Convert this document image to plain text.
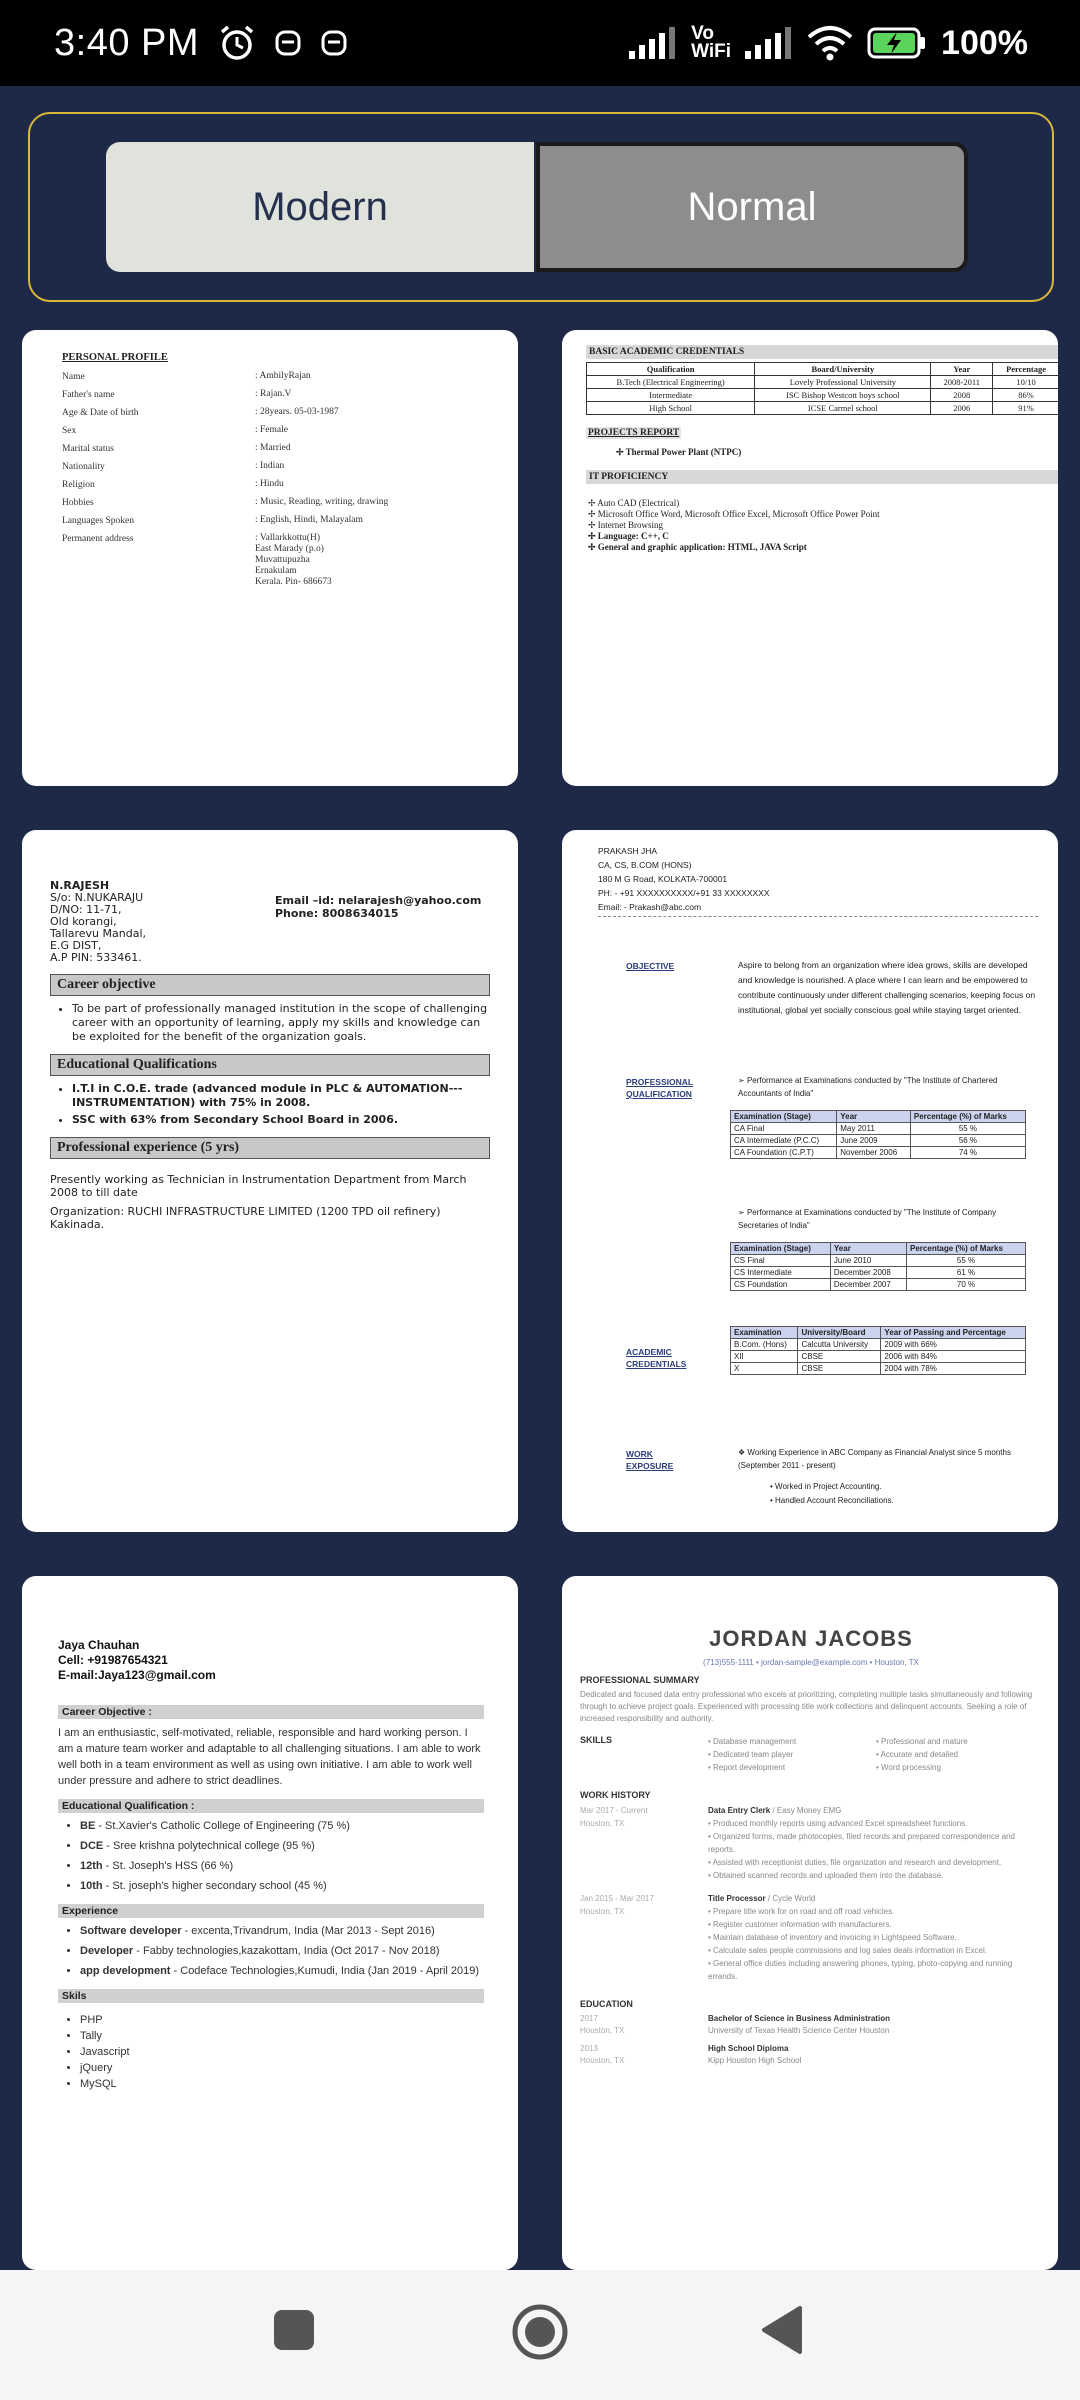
3:40 PM	Vo
WiFi	100%
Modern	Normal
PERSONAL PROFILE
Name	: AmbilyRajan
Father's name	: Rajan.V
Age & Date of birth	: 28years. 05-03-1987
Sex	: Female
Marital status	: Married
Nationality	: Indian
Religion	: Hindu
Hobbies	: Music, Reading, writing, drawing
Languages Spoken	: English, Hindi, Malayalam
Permanent address	: Vallarkkottu(H)
East Marady (p.o)
Muvattupuzha
Ernakulam
Kerala. Pin- 686673
BASIC ACADEMIC CREDENTIALS
Qualification	Board/University	Year	Percentage
B.Tech (Electrical Engineering)	Lovely Professional University	2008-2011	10/10
Intermediate	ISC Bishop Westcott boys school	2008	86%
High School	ICSE Carmel school	2006	91%
PROJECTS REPORT
✢ Thermal Power Plant (NTPC)
IT PROFICIENCY
✢ Auto CAD (Electrical)
✢ Microsoft Office Word, Microsoft Office Excel, Microsoft Office Power Point
✢ Internet Browsing
✢ Language: C++, C
✢ General and graphic application: HTML, JAVA Script
N.RAJESH
S/o: N.NUKARAJU
D/NO: 11-71,
Old korangi,
Tallarevu Mandal,
E.G DIST,
A.P PIN: 533461.
Email –id: nelarajesh@yahoo.com
Phone: 8008634015
Career objective
• To be part of professionally managed institution in the scope of challenging career with an opportunity of learning, apply my skills and knowledge can be exploited for the benefit of the organization goals.
Educational Qualifications
• I.T.I in C.O.E. trade (advanced module in PLC & AUTOMATION---INSTRUMENTATION) with 75% in 2008.
• SSC with 63% from Secondary School Board in 2006.
Professional experience (5 yrs)
Presently working as Technician in Instrumentation Department from March 2008 to till date
Organization: RUCHI INFRASTRUCTURE LIMITED (1200 TPD oil refinery) Kakinada.
PRAKASH JHA
CA, CS, B.COM (HONS)
180 M G Road, KOLKATA-700001
PH: - +91 XXXXXXXXXX/+91 33 XXXXXXXX
Email: - Prakash@abc.com
OBJECTIVE	Aspire to belong from an organization where idea grows, skills are developed and knowledge is nourished. A place where I can learn and be empowered to contribute continuously under different challenging scenarios, keeping focus on institutional, global yet socially conscious goal while staying target oriented.
PROFESSIONAL
QUALIFICATION
➢ Performance at Examinations conducted by "The Institute of Chartered Accountants of India"
Examination (Stage)	Year	Percentage (%) of Marks
CA Final	May 2011	55 %
CA Intermediate (P.C.C)	June 2009	56 %
CA Foundation (C.P.T)	November 2006	74 %
➢ Performance at Examinations conducted by "The Institute of Company Secretaries of India"
Examination (Stage)	Year	Percentage (%) of Marks
CS Final	June 2010	55 %
CS Intermediate	December 2008	61 %
CS Foundation	December 2007	70 %
ACADEMIC
CREDENTIALS
Examination	University/Board	Year of Passing and Percentage
B.Com. (Hons)	Calcutta University	2009 with 66%
XII	CBSE	2006 with 84%
X	CBSE	2004 with 78%
WORK
EXPOSURE
❖ Working Experience in ABC Company as Financial Analyst since 5 months (September 2011 - present)
• Worked in Project Accounting.
• Handled Account Reconciliations.
Jaya Chauhan
Cell: +91987654321
E-mail:Jaya123@gmail.com
Career Objective :
I am an enthusiastic, self-motivated, reliable, responsible and hard working person. I am a mature team worker and adaptable to all challenging situations. I am able to work well both in a team environment as well as using own initiative. I am able to work well under pressure and adhere to strict deadlines.
Educational Qualification :
• BE - St.Xavier's Catholic College of Engineering (75 %)
• DCE - Sree krishna polytechnical college (95 %)
• 12th - St. Joseph's HSS (66 %)
• 10th - St. joseph's higher secondary school (45 %)
Experience
• Software developer - excenta,Trivandrum, India (Mar 2013 - Sept 2016)
• Developer - Fabby technologies,kazakottam, India (Oct 2017 - Nov 2018)
• app development - Codeface Technologies,Kumudi, India (Jan 2019 - April 2019)
Skils
• PHP
• Tally
• Javascript
• jQuery
• MySQL
JORDAN JACOBS
(713)555-1111 • jordan-sample@example.com • Houston, TX
PROFESSIONAL SUMMARY
Dedicated and focused data entry professional who excels at prioritizing, completing multiple tasks simultaneously and following through to achieve project goals. Experienced with processing title work collections and delinquent accounts. Seeking a role of increased responsibility and authority.
SKILLS	• Database management
• Dedicated team player
• Report development
• Professional and mature
• Accurate and detailed
• Word processing
WORK HISTORY
Mar 2017 - Current
Houston, TX
Data Entry Clerk / Easy Money EMG
• Produced monthly reports using advanced Excel spreadsheet functions.
• Organized forms, made photocopies, filed records and prepared correspondence and reports.
• Assisted with receptionist duties, file organization and research and development.
• Obtained scanned records and uploaded them into the database.
Jan 2015 - Mar 2017
Houston, TX
Title Processor / Cycle World
• Prepare title work for on road and off road vehicles.
• Register customer information with manufacturers.
• Maintain database of inventory and invoicing in Lightspeed Software.
• Calculate sales people commissions and log sales deals information in Excel.
• General office duties including answering phones, typing, photo-copying and running errands.
EDUCATION
2017
Houston, TX
Bachelor of Science in Business Administration
University of Texas Health Science Center Houston
2013
Houston, TX
High School Diploma
Kipp Houston High School
